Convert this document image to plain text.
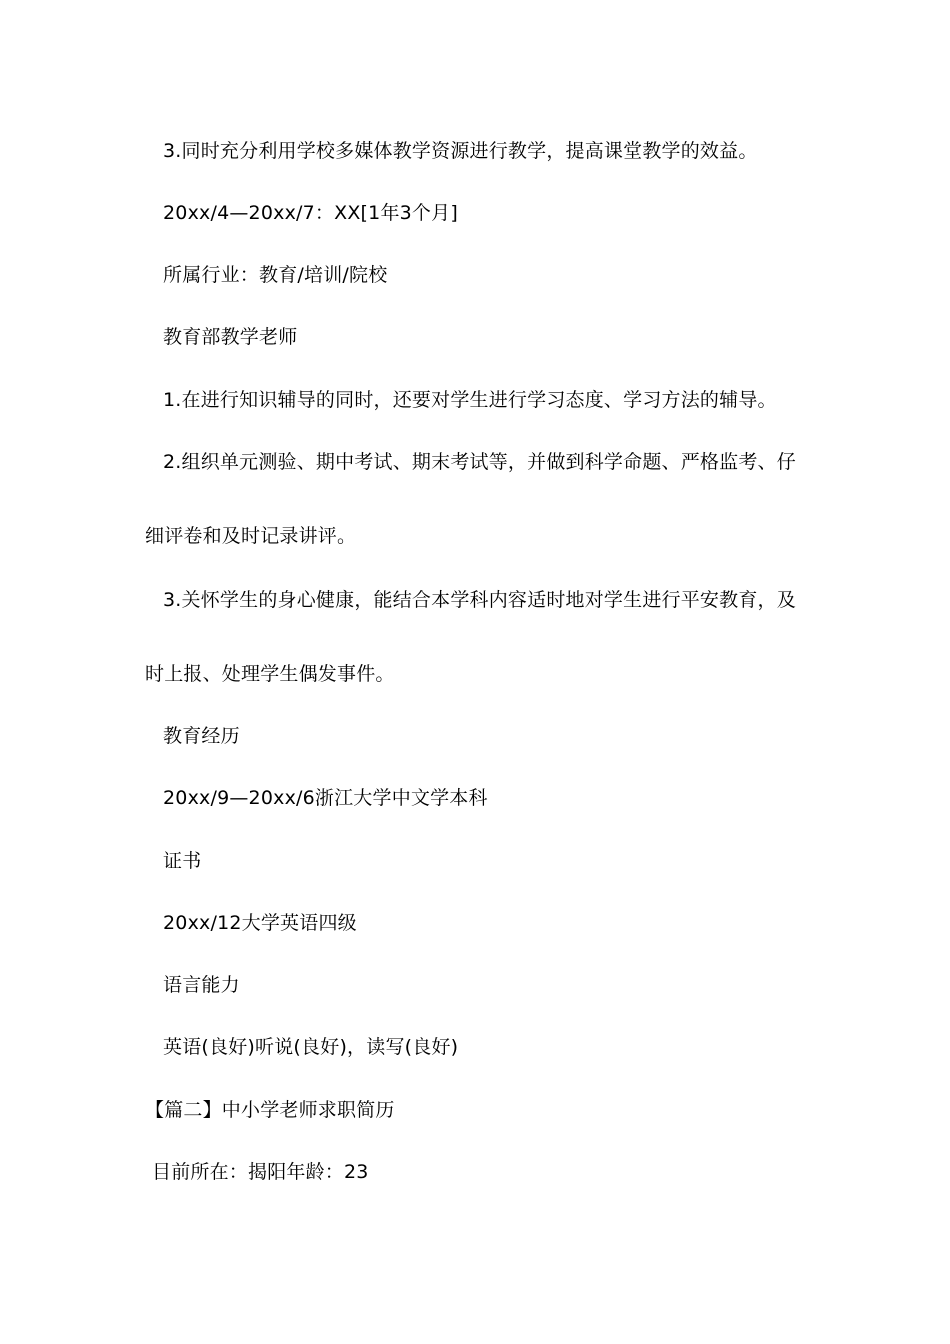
3.同时充分利用学校多媒体教学资源进行教学，提高课堂教学的效益。
20xx/4—20xx/7：XX[1年3个月]
所属行业：教育/培训/院校
教育部教学老师
1.在进行知识辅导的同时，还要对学生进行学习态度、学习方法的辅导。
2.组织单元测验、期中考试、期末考试等，并做到科学命题、严格监考、仔
细评卷和及时记录讲评。
3.关怀学生的身心健康，能结合本学科内容适时地对学生进行平安教育，及
时上报、处理学生偶发事件。
教育经历
20xx/9—20xx/6浙江大学中文学本科
证书
20xx/12大学英语四级
语言能力
英语(良好)听说(良好)，读写(良好)
【篇二】中小学老师求职简历
目前所在：揭阳年龄：23
